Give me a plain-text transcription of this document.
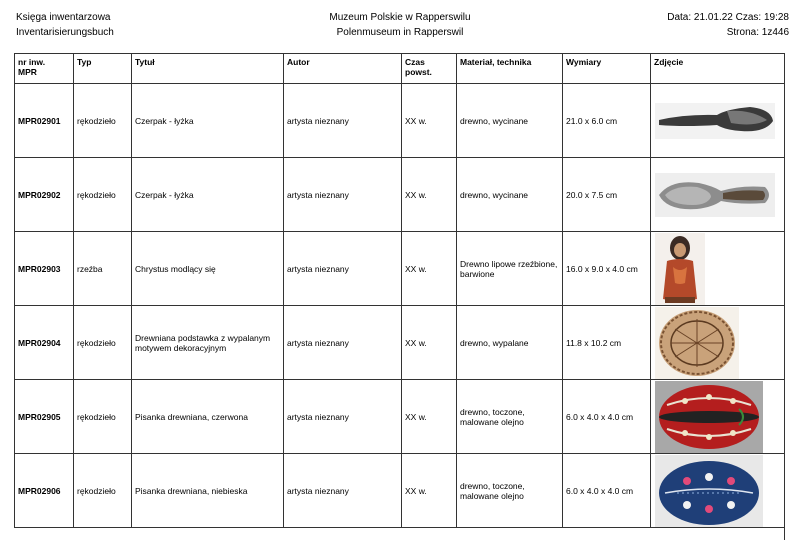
Księga inwentarzowa
Inventarisierungsbuch
Muzeum Polskie w Rapperswilu
Polenmuseum in Rapperswil
Data: 21.01.22 Czas: 19:28
Strona: 1z446
nr inw.
MPR	Typ	Tytuł	Autor	Czas powst.	Materiał, technika	Wymiary	Zdjęcie
MPR02901	rękodzieło	Czerpak - łyżka	artysta nieznany	XX w.	drewno, wycinane	21.0 x 6.0 cm	

MPR02902	rękodzieło	Czerpak - łyżka	artysta nieznany	XX w.	drewno, wycinane	20.0 x 7.5 cm	

MPR02903	rzeźba	Chrystus modlący się	artysta nieznany	XX w.	Drewno lipowe rzeźbione, barwione	16.0 x 9.0 x 4.0 cm	

MPR02904	rękodzieło	Drewniana podstawka z wypalanym motywem dekoracyjnym	artysta nieznany	XX w.	drewno, wypalane	11.8 x 10.2 cm	

MPR02905	rękodzieło	Pisanka drewniana, czerwona	artysta nieznany	XX w.	drewno, toczone, malowane olejno	6.0 x 4.0 x 4.0 cm	

MPR02906	rękodzieło	Pisanka drewniana, niebieska	artysta nieznany	XX w.	drewno, toczone, malowane olejno	6.0 x 4.0 x 4.0 cm	
